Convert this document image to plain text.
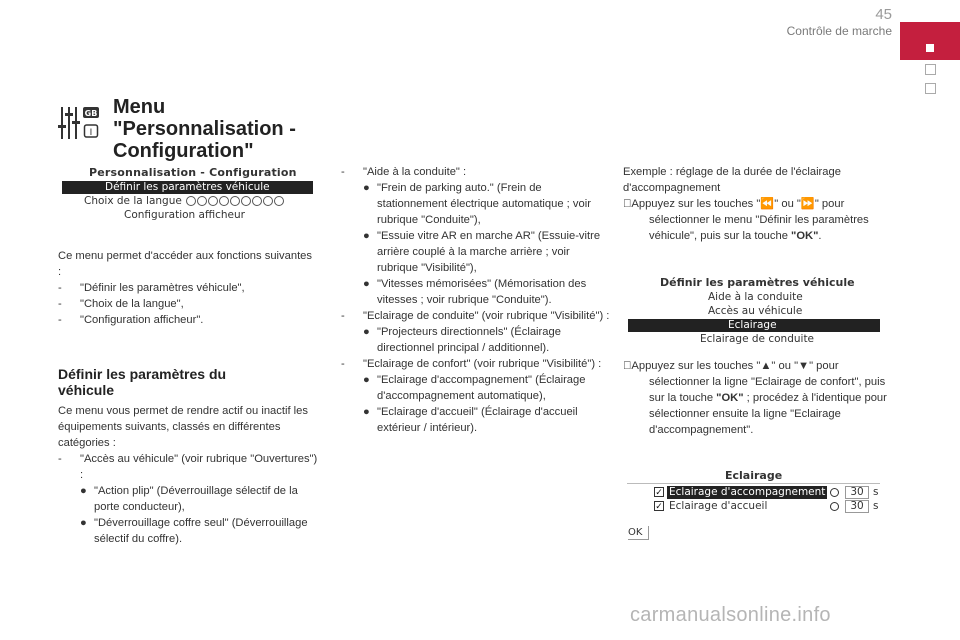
45
Contrôle de marche
GB
I
Menu
"Personnalisation -
Configuration"
Personnalisation - Configuration
Définir les paramètres véhicule
Choix de la langue
Configuration afficheur
Ce menu permet d'accéder aux fonctions suivantes :
- "Définir les paramètres véhicule",
- "Choix de la langue",
- "Configuration afficheur".
Définir les paramètres du
véhicule
Ce menu vous permet de rendre actif ou inactif les équipements suivants, classés en différentes catégories :
- "Accès au véhicule" (voir rubrique "Ouvertures") :
● "Action plip" (Déverrouillage sélectif de la porte conducteur),
● "Déverrouillage coffre seul" (Déverrouillage sélectif du coffre).
- "Aide à la conduite" :
● "Frein de parking auto." (Frein de stationnement électrique automatique ; voir rubrique "Conduite"),
● "Essuie vitre AR en marche AR" (Essuie-vitre arrière couplé à la marche arrière ; voir rubrique "Visibilité"),
● "Vitesses mémorisées" (Mémorisation des vitesses ; voir rubrique "Conduite").
- "Eclairage de conduite" (voir rubrique "Visibilité") :
● "Projecteurs directionnels" (Éclairage directionnel principal / additionnel).
- "Eclairage de confort" (voir rubrique "Visibilité") :
● "Eclairage d'accompagnement" (Éclairage d'accompagnement automatique),
● "Eclairage d'accueil" (Éclairage d'accueil extérieur / intérieur).
Exemple : réglage de la durée de l'éclairage d'accompagnement
Appuyez sur les touches "⏪" ou "⏩" pour sélectionner le menu "Définir les paramètres véhicule", puis sur la touche "OK".
Définir les paramètres véhicule
Aide à la conduite
Accès au véhicule
Eclairage
Eclairage de conduite
Appuyez sur les touches "▲" ou "▼" pour sélectionner la ligne "Eclairage de confort", puis sur la touche "OK" ; procédez à l'identique pour sélectionner ensuite la ligne "Eclairage d'accompagnement".
Eclairage
✓ Eclairage d'accompagnement
✓ Eclairage d'accueil
30
30
s
s
OK
carmanualsonline.info
